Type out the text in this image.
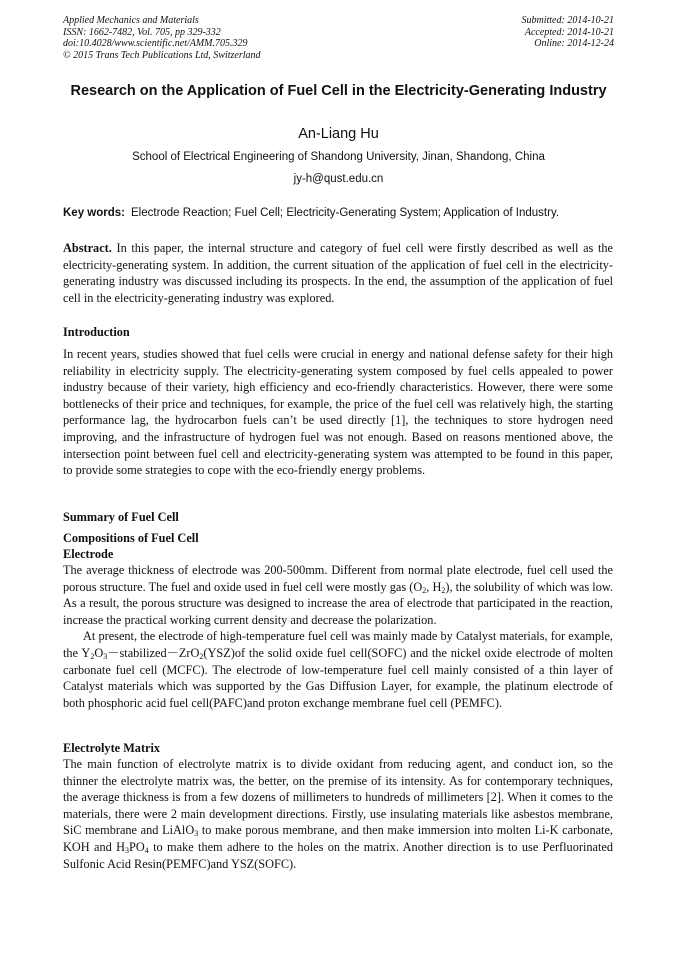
Applied Mechanics and Materials
ISSN: 1662-7482, Vol. 705, pp 329-332
doi:10.4028/www.scientific.net/AMM.705.329
© 2015 Trans Tech Publications Ltd, Switzerland
Submitted: 2014-10-21
Accepted: 2014-10-21
Online: 2014-12-24
Research on the Application of Fuel Cell in the Electricity-Generating Industry
An-Liang Hu
School of Electrical Engineering of Shandong University, Jinan, Shandong, China
jy-h@qust.edu.cn
Key words: Electrode Reaction; Fuel Cell; Electricity-Generating System; Application of Industry.

Abstract. In this paper, the internal structure and category of fuel cell were firstly described as well as the electricity-generating system. In addition, the current situation of the application of fuel cell in the electricity-generating industry was discussed including its prospects. In the end, the assumption of the application of fuel cell in the electricity-generating industry was explored.

Introduction

In recent years, studies showed that fuel cells were crucial in energy and national defense safety for their high reliability in electricity supply. The electricity-generating system composed by fuel cells appealed to power industry because of their variety, high efficiency and eco-friendly characteristics. However, there were some bottlenecks of their price and techniques, for example, the price of the fuel cell was relatively high, the starting performance lag, the hydrocarbon fuels can’t be used directly [1], the techniques to store hydrogen need improving, and the infrastructure of hydrogen fuel was not enough. Based on reasons mentioned above, the intersection point between fuel cell and electricity-generating system was attempted to be found in this paper, to provide some strategies to cope with the eco-friendly energy problems.

Summary of Fuel Cell
Compositions of Fuel Cell
Electrode

The average thickness of electrode was 200-500mm. Different from normal plate electrode, fuel cell used the porous structure. The fuel and oxide used in fuel cell were mostly gas ($O_2$, $H_2$), the solubility of which was low. As a result, the porous structure was designed to increase the area of electrode that participated in the reaction, increase the practical working current density and decrease the polarization.

At present, the electrode of high-temperature fuel cell was mainly made by Catalyst materials, for example, the $Y_2O_3-stabilized-ZrO_2(YSZ)of$ the solid oxide fuel cell(SOFC) and the nickel oxide electrode of molten carbonate fuel cell (MCFC). The electrode of low-temperature fuel cell mainly consisted of a thin layer of Catalyst materials which was supported by the Gas Diffusion Layer, for example, the platinum electrode of both phosphoric acid fuel cell(PAFC)and proton exchange membrane fuel cell (PEMFC).

Electrolyte Matrix

The main function of electrolyte matrix is to divide oxidant from reducing agent, and conduct ion, so the thinner the electrolyte matrix was, the better, on the premise of its intensity. As for contemporary techniques, the average thickness is from a few dozens of millimeters to hundreds of millimeters [2]. When it comes to the materials, there were 2 main development directions. Firstly, use insulating materials like asbestos membrane, SiC membrane and LiAlO$_3$ to make porous membrane, and then make immersion into molten Li-K carbonate, KOH and $H_3PO_4$ to make them adhere to the holes on the matrix. Another direction is to use Perfluorinated Sulfonic Acid Resin(PEMFC)and YSZ(SOFC).
